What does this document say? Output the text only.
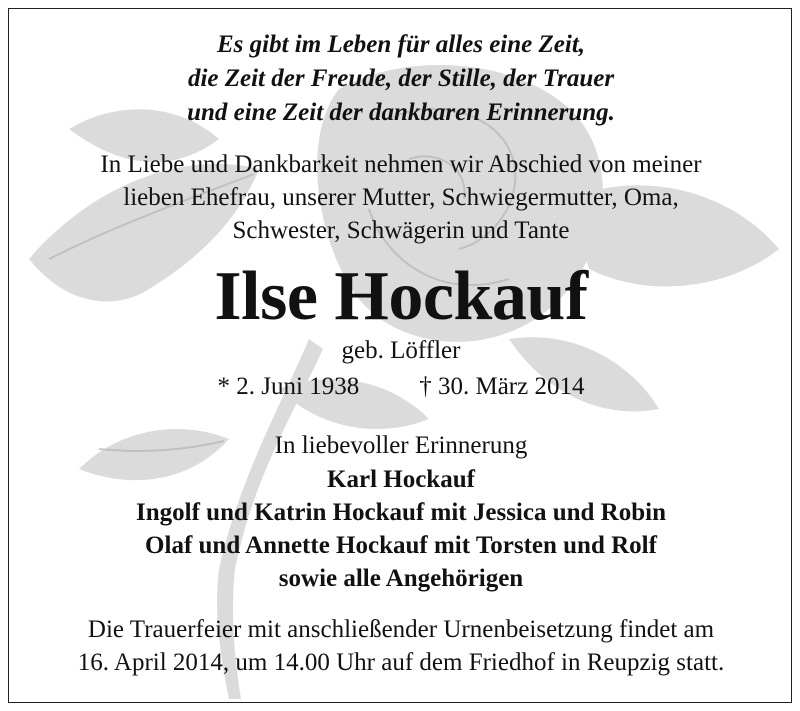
Es gibt im Leben für alles eine Zeit,
die Zeit der Freude, der Stille, der Trauer
und eine Zeit der dankbaren Erinnerung.
In Liebe und Dankbarkeit nehmen wir Abschied von meiner
lieben Ehefrau, unserer Mutter, Schwiegermutter, Oma,
Schwester, Schwägerin und Tante
Ilse Hockauf
geb. Löffler
* 2. Juni 1938 † 30. März 2014
In liebevoller Erinnerung
Karl Hockauf
Ingolf und Katrin Hockauf mit Jessica und Robin
Olaf und Annette Hockauf mit Torsten und Rolf
sowie alle Angehörigen
Die Trauerfeier mit anschließender Urnenbeisetzung findet am
16. April 2014, um 14.00 Uhr auf dem Friedhof in Reupzig statt.
